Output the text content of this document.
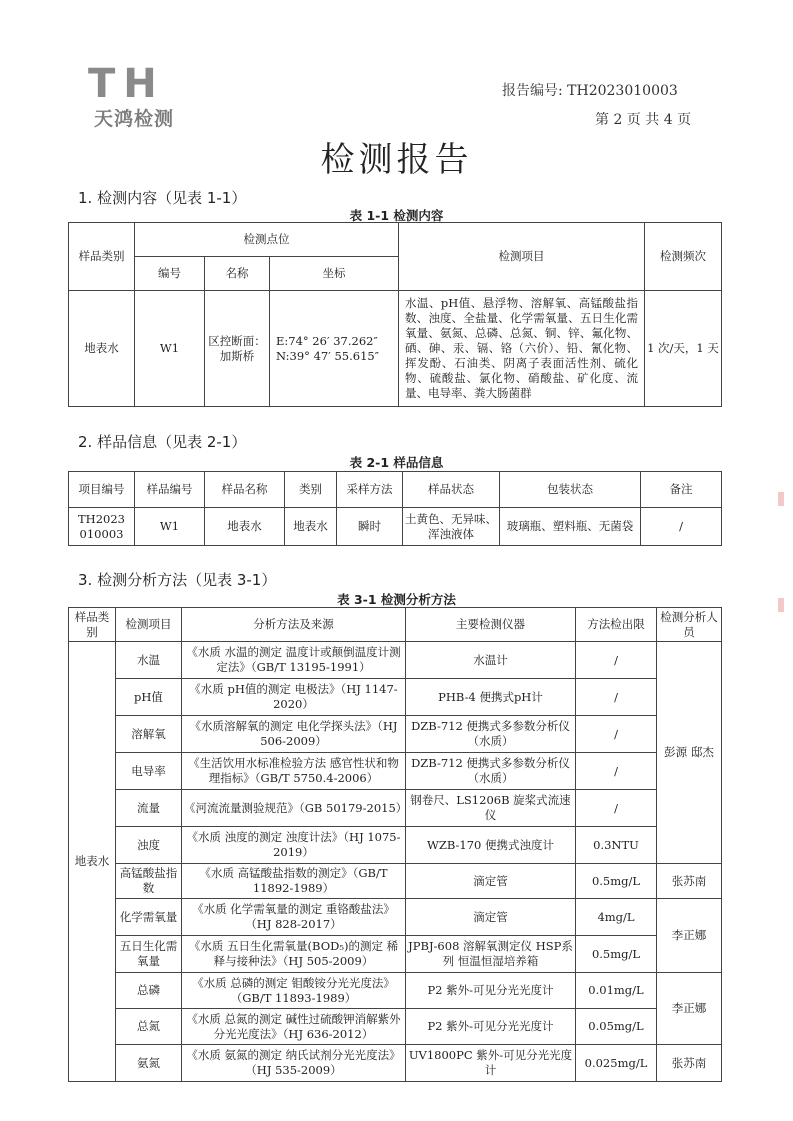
TH
天鸿检测
报告编号: TH2023010003
第 2 页 共 4 页
检测报告
1. 检测内容（见表 1-1）
表 1-1 检测内容
样品类别	检测点位			检测项目	检测频次
	编号	名称	坐标		
地表水	W1	区控断面：加斯桥	E:74° 26′ 37.262″
N:39° 47′ 55.615″	水温、pH值、悬浮物、溶解氧、高锰酸盐指数、浊度、全盐量、化学需氧量、五日生化需氧量、氨氮、总磷、总氮、铜、锌、氟化物、硒、砷、汞、镉、铬（六价）、铅、氰化物、挥发酚、石油类、阴离子表面活性剂、硫化物、硫酸盐、氯化物、硝酸盐、矿化度、流量、电导率、粪大肠菌群	1 次/天，1 天
2. 样品信息（见表 2-1）
表 2-1 样品信息
项目编号	样品编号	样品名称	类别	采样方法	样品状态	包装状态	备注
TH2023 010003	W1	地表水	地表水	瞬时	土黄色、无异味、浑浊液体	玻璃瓶、塑料瓶、无菌袋	/
3. 检测分析方法（见表 3-1）
表 3-1 检测分析方法
样品类别	检测项目	分析方法及来源	主要检测仪器	方法检出限	检测分析人员
地表水	水温	《水质 水温的测定 温度计或颠倒温度计测定法》（GB/T 13195-1991）	水温计	/	彭源 邸杰
	pH值	《水质 pH值的测定 电极法》（HJ 1147-2020）	PHB-4 便携式pH计	/	
	溶解氧	《水质溶解氧的测定 电化学探头法》（HJ 506-2009）	DZB-712 便携式多参数分析仪（水质）	/	
	电导率	《生活饮用水标准检验方法 感官性状和物理指标》（GB/T 5750.4-2006）	DZB-712 便携式多参数分析仪（水质）	/	
	流量	《河流流量测验规范》（GB 50179-2015）	钢卷尺、LS1206B 旋桨式流速仪	/	
	浊度	《水质 浊度的测定 浊度计法》（HJ 1075-2019）	WZB-170 便携式浊度计	0.3NTU	
	高锰酸盐指数	《水质 高锰酸盐指数的测定》（GB/T 11892-1989）	滴定管	0.5mg/L	张苏南
	化学需氧量	《水质 化学需氧量的测定 重铬酸盐法》（HJ 828-2017）	滴定管	4mg/L	李正娜
	五日生化需氧量	《水质 五日生化需氧量(BOD₅)的测定 稀释与接种法》（HJ 505-2009）	JPBJ-608 溶解氧测定仪 HSP系列 恒温恒湿培养箱	0.5mg/L	
	总磷	《水质 总磷的测定 钼酸铵分光光度法》（GB/T 11893-1989）	P2 紫外-可见分光光度计	0.01mg/L	李正娜
	总氮	《水质 总氮的测定 碱性过硫酸钾消解紫外分光光度法》（HJ 636-2012）	P2 紫外-可见分光光度计	0.05mg/L	
	氨氮	《水质 氨氮的测定 纳氏试剂分光光度法》（HJ 535-2009）	UV1800PC 紫外-可见分光光度计	0.025mg/L	张苏南
